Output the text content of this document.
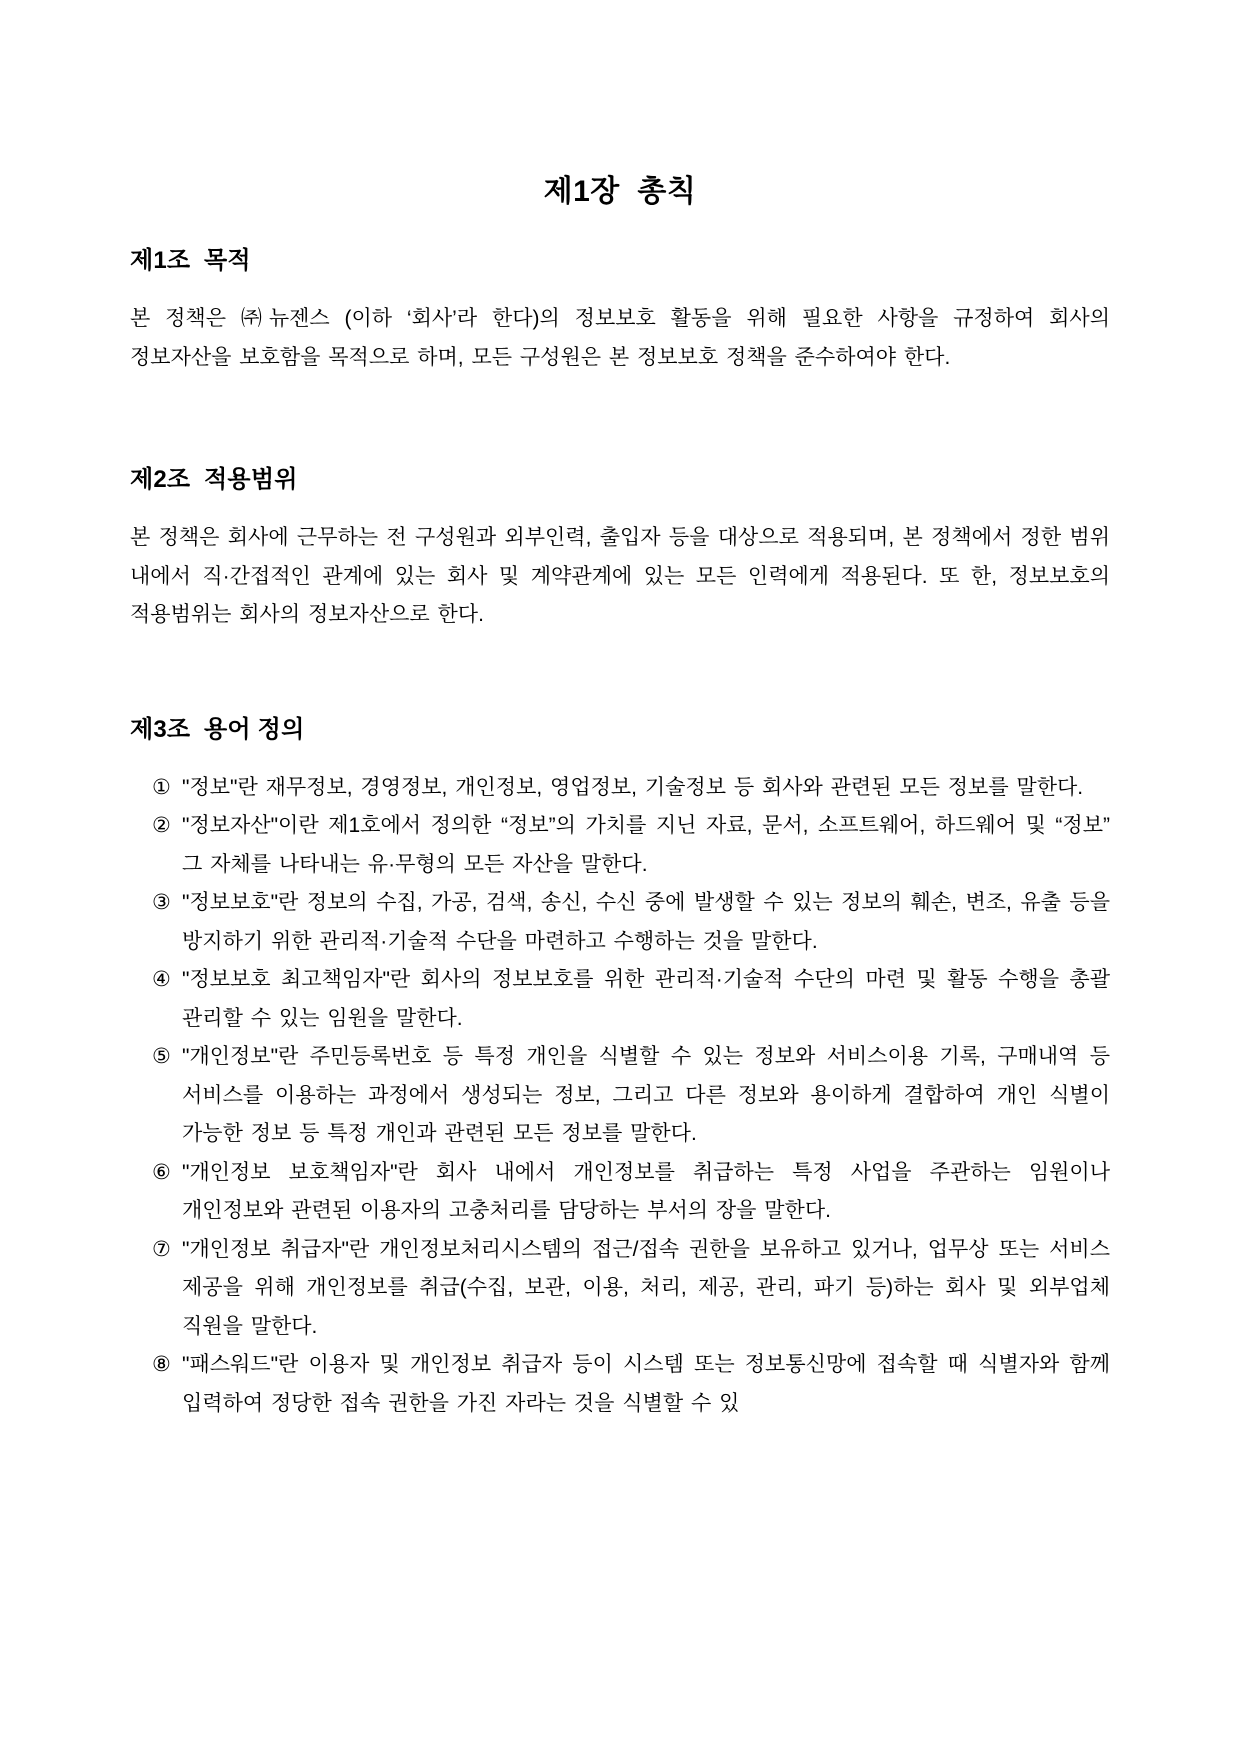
제1장  총칙
제1조  목적

본 정책은 ㈜뉴젠스 (이하 ‘회사’라 한다)의 정보보호 활동을 위해 필요한 사항을 규정하여 회사의 정보자산을 보호함을 목적으로 하며, 모든 구성원은 본 정보보호 정책을 준수하여야 한다.

제2조  적용범위

본 정책은 회사에 근무하는 전 구성원과 외부인력, 출입자 등을 대상으로 적용되며, 본 정책에서 정한 범위 내에서 직·간접적인 관계에 있는 회사 및 계약관계에 있는 모든 인력에게 적용된다. 또 한, 정보보호의 적용범위는 회사의 정보자산으로 한다.

제3조  용어 정의
① "정보"란 재무정보, 경영정보, 개인정보, 영업정보, 기술정보 등 회사와 관련된 모든 정보를 말한다.
② "정보자산"이란 제1호에서 정의한 “정보”의 가치를 지닌 자료, 문서, 소프트웨어, 하드웨어 및 “정보” 그 자체를 나타내는 유·무형의 모든 자산을 말한다.
③ "정보보호"란 정보의 수집, 가공, 검색, 송신, 수신 중에 발생할 수 있는 정보의 훼손, 변조, 유출 등을 방지하기 위한 관리적·기술적 수단을 마련하고 수행하는 것을 말한다.
④ "정보보호 최고책임자"란 회사의 정보보호를 위한 관리적·기술적 수단의 마련 및 활동 수행을 총괄 관리할 수 있는 임원을 말한다.
⑤ "개인정보"란 주민등록번호 등 특정 개인을 식별할 수 있는 정보와 서비스이용 기록, 구매내역 등 서비스를 이용하는 과정에서 생성되는 정보, 그리고 다른 정보와 용이하게 결합하여 개인 식별이 가능한 정보 등 특정 개인과 관련된 모든 정보를 말한다.
⑥ "개인정보 보호책임자"란 회사 내에서 개인정보를 취급하는 특정 사업을 주관하는 임원이나 개인정보와 관련된 이용자의 고충처리를 담당하는 부서의 장을 말한다.
⑦ "개인정보 취급자"란 개인정보처리시스템의 접근/접속 권한을 보유하고 있거나, 업무상 또는 서비스 제공을 위해 개인정보를 취급(수집, 보관, 이용, 처리, 제공, 관리, 파기 등)하는 회사 및 외부업체 직원을 말한다.
⑧ "패스워드"란 이용자 및 개인정보 취급자 등이 시스템 또는 정보통신망에 접속할 때 식별자와 함께 입력하여 정당한 접속 권한을 가진 자라는 것을 식별할 수 있
